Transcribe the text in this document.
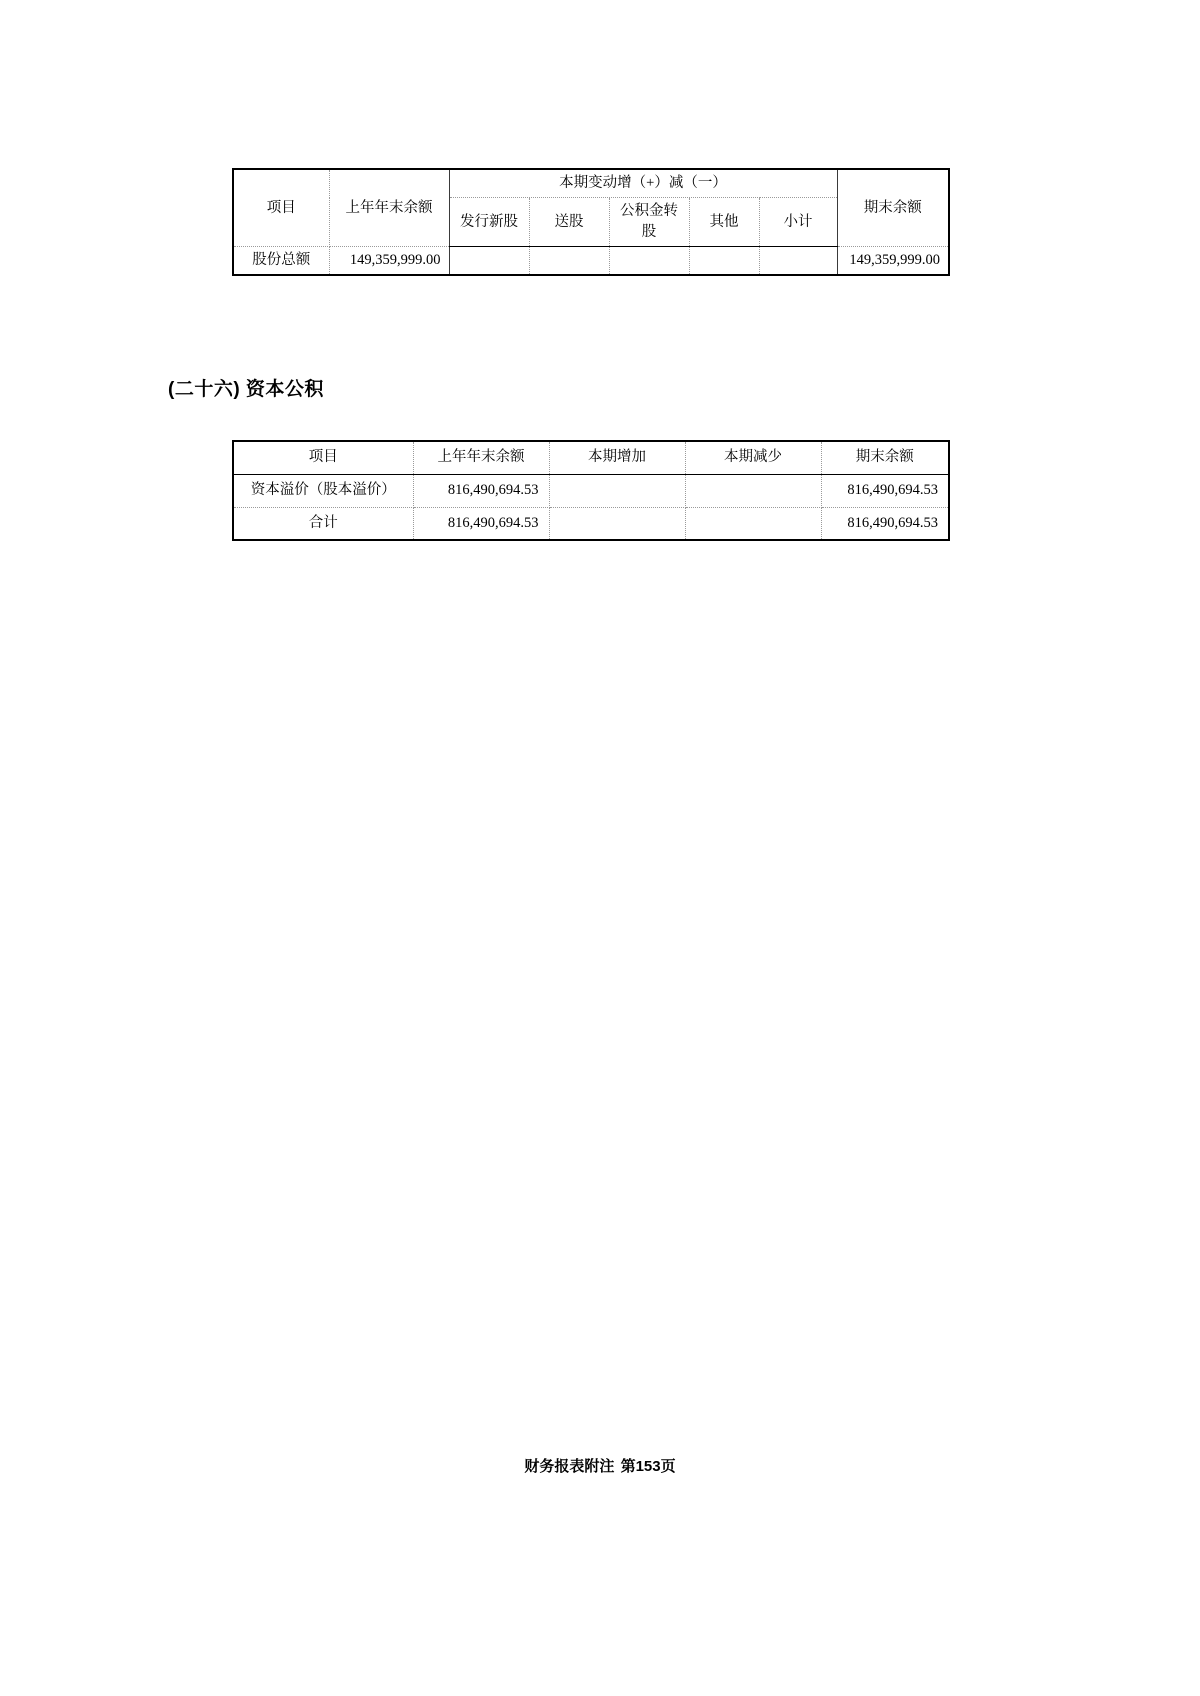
项目	上年年末余额	本期变动增（+）减（一）					期末余额
		发行新股	送股	公积金转股	其他	小计	
股份总额	149,359,999.00						149,359,999.00
(二十六) 资本公积
项目	上年年末余额	本期增加	本期减少	期末余额
资本溢价（股本溢价）	816,490,694.53			816,490,694.53
合计	816,490,694.53			816,490,694.53
财务报表附注 第153页
